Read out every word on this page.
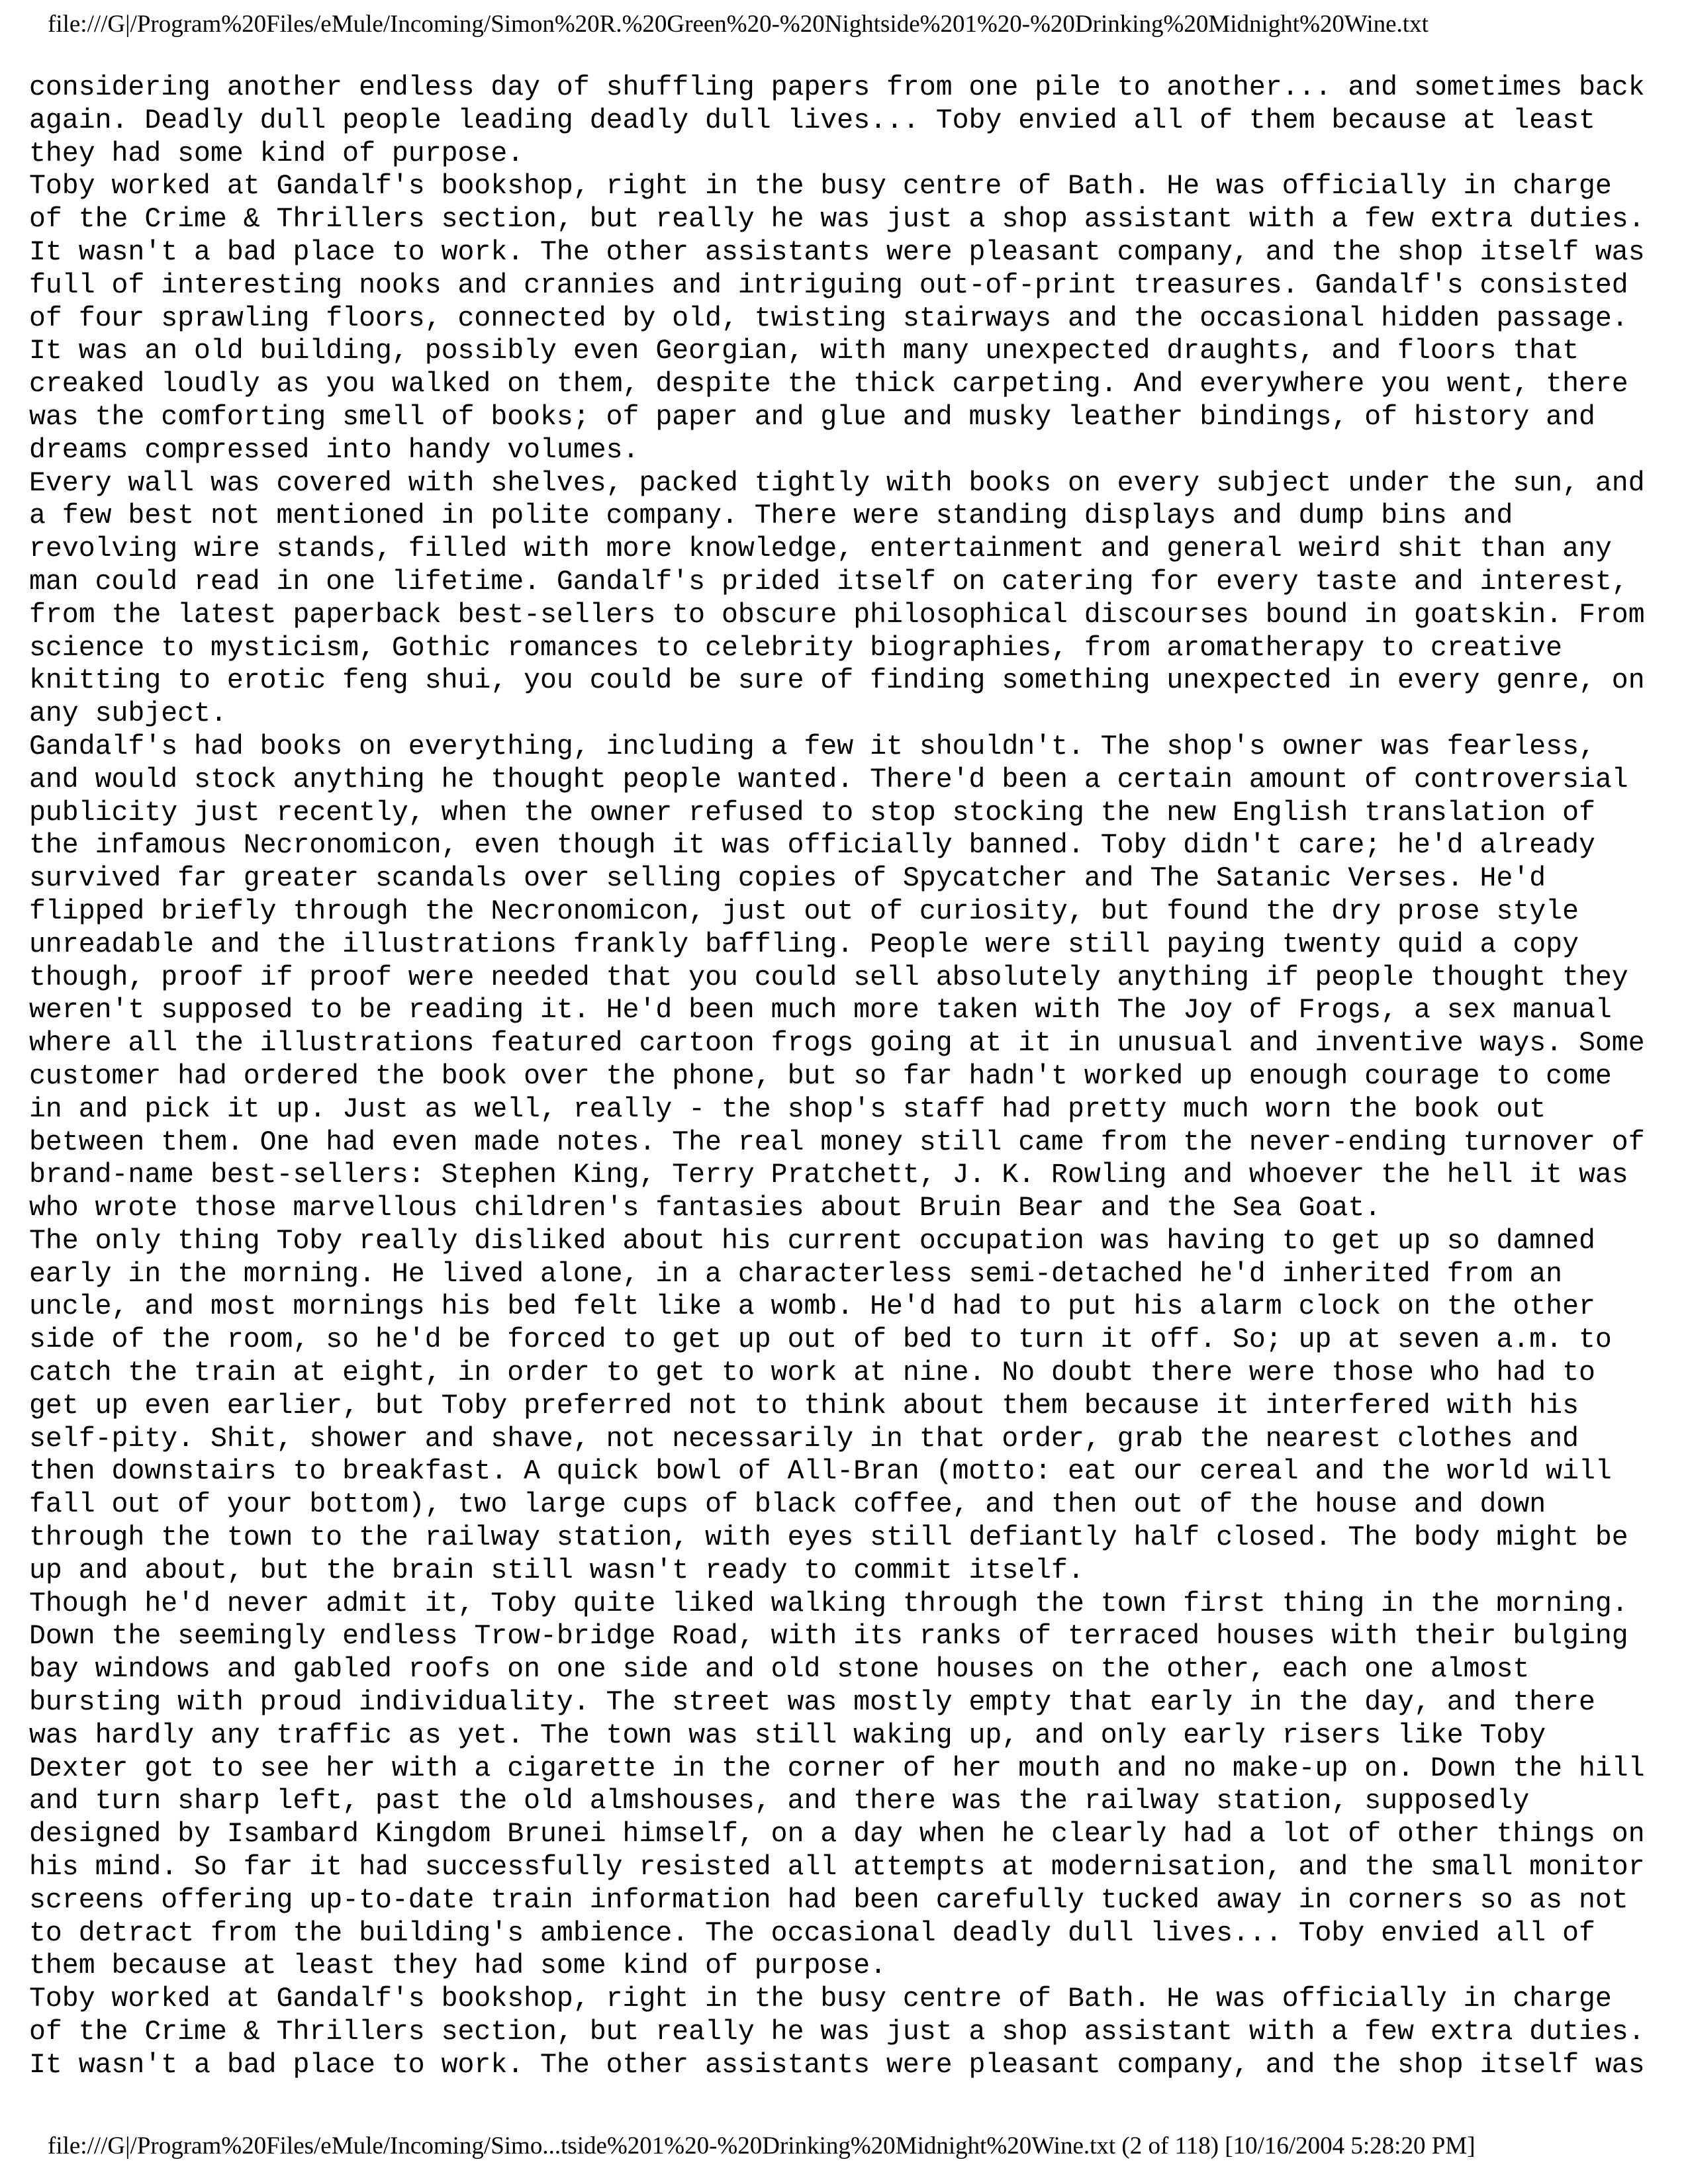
file:///G|/Program%20Files/eMule/Incoming/Simon%20R.%20Green%20-%20Nightside%201%20-%20Drinking%20Midnight%20Wine.txt
considering another endless day of shuffling papers from one pile to another... and sometimes back
again. Deadly dull people leading deadly dull lives... Toby envied all of them because at least
they had some kind of purpose.
Toby worked at Gandalf's bookshop, right in the busy centre of Bath. He was officially in charge
of the Crime & Thrillers section, but really he was just a shop assistant with a few extra duties.
It wasn't a bad place to work. The other assistants were pleasant company, and the shop itself was
full of interesting nooks and crannies and intriguing out-of-print treasures. Gandalf's consisted
of four sprawling floors, connected by old, twisting stairways and the occasional hidden passage.
It was an old building, possibly even Georgian, with many unexpected draughts, and floors that
creaked loudly as you walked on them, despite the thick carpeting. And everywhere you went, there
was the comforting smell of books; of paper and glue and musky leather bindings, of history and
dreams compressed into handy volumes.
Every wall was covered with shelves, packed tightly with books on every subject under the sun, and
a few best not mentioned in polite company. There were standing displays and dump bins and
revolving wire stands, filled with more knowledge, entertainment and general weird shit than any
man could read in one lifetime. Gandalf's prided itself on catering for every taste and interest,
from the latest paperback best-sellers to obscure philosophical discourses bound in goatskin. From
science to mysticism, Gothic romances to celebrity biographies, from aromatherapy to creative
knitting to erotic feng shui, you could be sure of finding something unexpected in every genre, on
any subject.
Gandalf's had books on everything, including a few it shouldn't. The shop's owner was fearless,
and would stock anything he thought people wanted. There'd been a certain amount of controversial
publicity just recently, when the owner refused to stop stocking the new English translation of
the infamous Necronomicon, even though it was officially banned. Toby didn't care; he'd already
survived far greater scandals over selling copies of Spycatcher and The Satanic Verses. He'd
flipped briefly through the Necronomicon, just out of curiosity, but found the dry prose style
unreadable and the illustrations frankly baffling. People were still paying twenty quid a copy
though, proof if proof were needed that you could sell absolutely anything if people thought they
weren't supposed to be reading it. He'd been much more taken with The Joy of Frogs, a sex manual
where all the illustrations featured cartoon frogs going at it in unusual and inventive ways. Some
customer had ordered the book over the phone, but so far hadn't worked up enough courage to come
in and pick it up. Just as well, really - the shop's staff had pretty much worn the book out
between them. One had even made notes. The real money still came from the never-ending turnover of
brand-name best-sellers: Stephen King, Terry Pratchett, J. K. Rowling and whoever the hell it was
who wrote those marvellous children's fantasies about Bruin Bear and the Sea Goat.
The only thing Toby really disliked about his current occupation was having to get up so damned
early in the morning. He lived alone, in a characterless semi-detached he'd inherited from an
uncle, and most mornings his bed felt like a womb. He'd had to put his alarm clock on the other
side of the room, so he'd be forced to get up out of bed to turn it off. So; up at seven a.m. to
catch the train at eight, in order to get to work at nine. No doubt there were those who had to
get up even earlier, but Toby preferred not to think about them because it interfered with his
self-pity. Shit, shower and shave, not necessarily in that order, grab the nearest clothes and
then downstairs to breakfast. A quick bowl of All-Bran (motto: eat our cereal and the world will
fall out of your bottom), two large cups of black coffee, and then out of the house and down
through the town to the railway station, with eyes still defiantly half closed. The body might be
up and about, but the brain still wasn't ready to commit itself.
Though he'd never admit it, Toby quite liked walking through the town first thing in the morning.
Down the seemingly endless Trow-bridge Road, with its ranks of terraced houses with their bulging
bay windows and gabled roofs on one side and old stone houses on the other, each one almost
bursting with proud individuality. The street was mostly empty that early in the day, and there
was hardly any traffic as yet. The town was still waking up, and only early risers like Toby
Dexter got to see her with a cigarette in the corner of her mouth and no make-up on. Down the hill
and turn sharp left, past the old almshouses, and there was the railway station, supposedly
designed by Isambard Kingdom Brunei himself, on a day when he clearly had a lot of other things on
his mind. So far it had successfully resisted all attempts at modernisation, and the small monitor
screens offering up-to-date train information had been carefully tucked away in corners so as not
to detract from the building's ambience. The occasional deadly dull lives... Toby envied all of
them because at least they had some kind of purpose.
Toby worked at Gandalf's bookshop, right in the busy centre of Bath. He was officially in charge
of the Crime & Thrillers section, but really he was just a shop assistant with a few extra duties.
It wasn't a bad place to work. The other assistants were pleasant company, and the shop itself was
file:///G|/Program%20Files/eMule/Incoming/Simo...tside%201%20-%20Drinking%20Midnight%20Wine.txt (2 of 118) [10/16/2004 5:28:20 PM]
